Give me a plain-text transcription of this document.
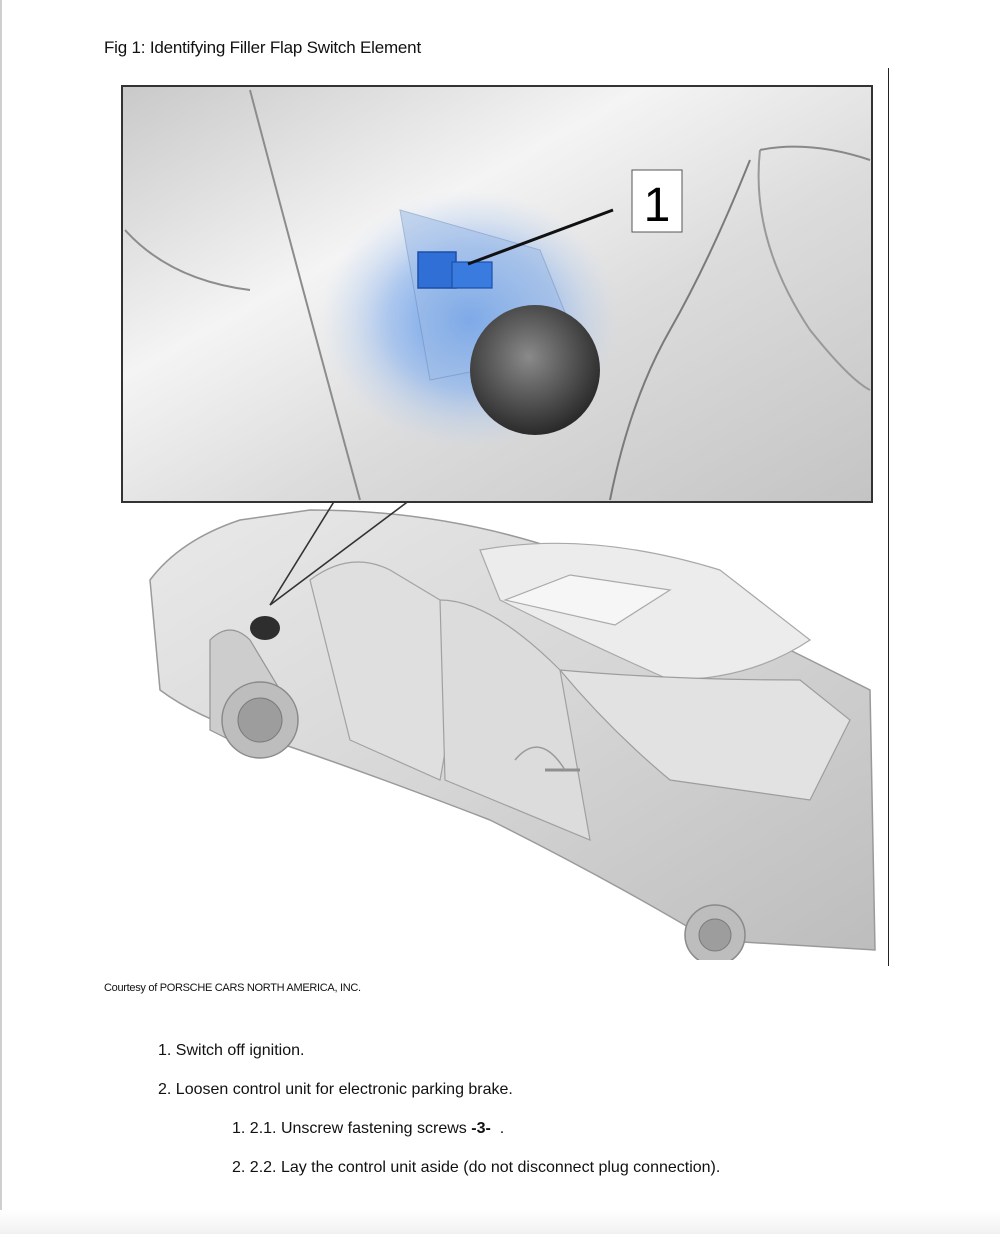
Fig 1: Identifying Filler Flap Switch Element
1
Courtesy of PORSCHE CARS NORTH AMERICA, INC.
1. Switch off ignition.
2. Loosen control unit for electronic parking brake.
1. 2.1. Unscrew fastening screws -3- .
2. 2.2. Lay the control unit aside (do not disconnect plug connection).
